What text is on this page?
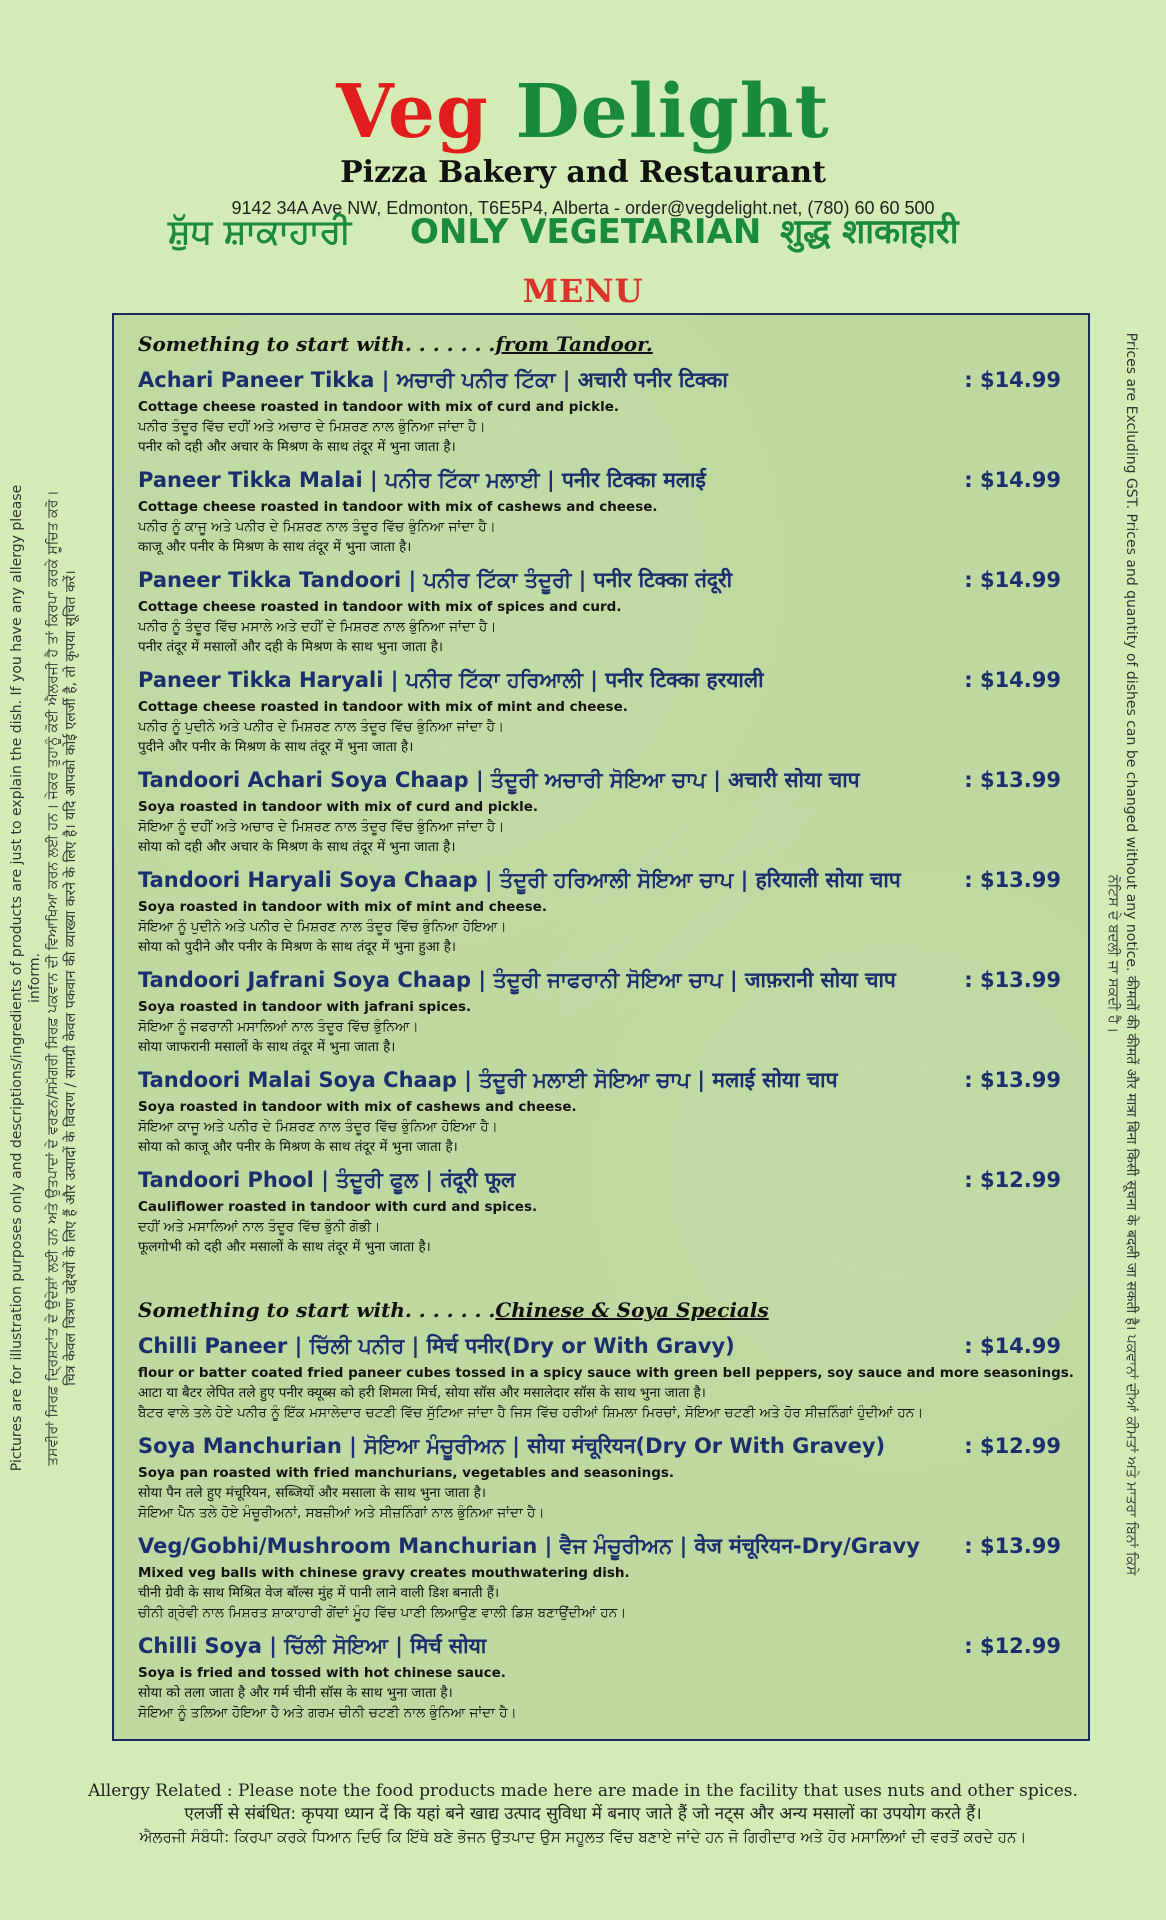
Veg Delight
Pizza Bakery and Restaurant
9142 34A Ave NW, Edmonton, T6E5P4, Alberta - order@vegdelight.net, (780) 60 60 500
ਸ਼ੁੱਧ ਸ਼ਾਕਾਹਾਰੀ ONLY VEGETARIAN शुद्ध शाकाहारी
MENU
Pictures are for illustration purposes only and descriptions/ingredients of products are just to explain the dish. If you have any allergy please inform. ਤਸਵੀਰਾਂ ਸਿਰਫ਼ ਦ੍ਰਿਸ਼ਟਾਂਤ ਦੇ ਉਦੇਸ਼ਾਂ ਲਈ ਹਨ ਅਤੇ ਉਤਪਾਦਾਂ ਦੇ ਵਰਣਨ/ਸਮੱਗਰੀ ਸਿਰਫ਼ ਪਕਵਾਨ ਦੀ ਵਿਆਖਿਆ ਕਰਨ ਲਈ ਹਨ। ਜੇਕਰ ਤੁਹਾਨੂੰ ਕੋਈ ਐਲਰਜੀ ਹੈ ਤਾਂ ਕਿਰਪਾ ਕਰਕੇ ਸੂਚਿਤ ਕਰੋ। चित्र केवल चित्रण उद्देश्यों के लिए हैं और उत्पादों के विवरण / सामग्री केवल पकवान की व्याख्या करने के लिए है। यदि आपको कोई एलर्जी है, तो कृपया सूचित करें।	Prices are Excluding GST. Prices and quantity of dishes can be changed without any notice. कीमतों की कीमतें और मात्रा बिना किसी सूचना के बदली जा सकती है। ਪਕਵਾਨਾਂ ਦੀਆਂ ਕੀਮਤਾਂ ਅਤੇ ਮਾਤਰਾ ਬਿਨਾਂ ਕਿਸੇ
ਨੋਟਿਸ ਦੇ ਬਦਲੀ ਜਾ ਸਕਦੀ ਹੈ।
Something to start with. . . . . . .from Tandoor.
Achari Paneer Tikka | ਅਚਾਰੀ ਪਨੀਰ ਟਿੱਕਾ | अचारी पनीर टिक्का	: $14.99
Cottage cheese roasted in tandoor with mix of curd and pickle.
ਪਨੀਰ ਤੰਦੂਰ ਵਿੱਚ ਦਹੀਂ ਅਤੇ ਅਚਾਰ ਦੇ ਮਿਸ਼ਰਣ ਨਾਲ ਭੁੰਨਿਆ ਜਾਂਦਾ ਹੈ।
पनीर को दही और अचार के मिश्रण के साथ तंदूर में भुना जाता है।
Paneer Tikka Malai | ਪਨੀਰ ਟਿੱਕਾ ਮਲਾਈ | पनीर टिक्का मलाई	: $14.99
Cottage cheese roasted in tandoor with mix of cashews and cheese.
ਪਨੀਰ ਨੂੰ ਕਾਜੂ ਅਤੇ ਪਨੀਰ ਦੇ ਮਿਸ਼ਰਣ ਨਾਲ ਤੰਦੂਰ ਵਿੱਚ ਭੁੰਨਿਆ ਜਾਂਦਾ ਹੈ।
काजू और पनीर के मिश्रण के साथ तंदूर में भुना जाता है।
Paneer Tikka Tandoori | ਪਨੀਰ ਟਿੱਕਾ ਤੰਦੂਰੀ | पनीर टिक्का तंदूरी	: $14.99
Cottage cheese roasted in tandoor with mix of spices and curd.
ਪਨੀਰ ਨੂੰ ਤੰਦੂਰ ਵਿੱਚ ਮਸਾਲੇ ਅਤੇ ਦਹੀਂ ਦੇ ਮਿਸ਼ਰਣ ਨਾਲ ਭੁੰਨਿਆ ਜਾਂਦਾ ਹੈ।
पनीर तंदूर में मसालों और दही के मिश्रण के साथ भुना जाता है।
Paneer Tikka Haryali | ਪਨੀਰ ਟਿੱਕਾ ਹਰਿਆਲੀ | पनीर टिक्का हरयाली	: $14.99
Cottage cheese roasted in tandoor with mix of mint and cheese.
ਪਨੀਰ ਨੂੰ ਪੁਦੀਨੇ ਅਤੇ ਪਨੀਰ ਦੇ ਮਿਸ਼ਰਣ ਨਾਲ ਤੰਦੂਰ ਵਿੱਚ ਭੁੰਨਿਆ ਜਾਂਦਾ ਹੈ।
पुदीने और पनीर के मिश्रण के साथ तंदूर में भुना जाता है।
Tandoori Achari Soya Chaap | ਤੰਦੂਰੀ ਅਚਾਰੀ ਸੋਇਆ ਚਾਪ | अचारी सोया चाप	: $13.99
Soya roasted in tandoor with mix of curd and pickle.
ਸੋਇਆ ਨੂੰ ਦਹੀਂ ਅਤੇ ਅਚਾਰ ਦੇ ਮਿਸ਼ਰਣ ਨਾਲ ਤੰਦੂਰ ਵਿੱਚ ਭੁੰਨਿਆ ਜਾਂਦਾ ਹੈ।
सोया को दही और अचार के मिश्रण के साथ तंदूर में भुना जाता है।
Tandoori Haryali Soya Chaap | ਤੰਦੂਰੀ ਹਰਿਆਲੀ ਸੋਇਆ ਚਾਪ | हरियाली सोया चाप	: $13.99
Soya roasted in tandoor with mix of mint and cheese.
ਸੋਇਆ ਨੂੰ ਪੁਦੀਨੇ ਅਤੇ ਪਨੀਰ ਦੇ ਮਿਸ਼ਰਣ ਨਾਲ ਤੰਦੂਰ ਵਿੱਚ ਭੁੰਨਿਆ ਹੋਇਆ।
सोया को पुदीने और पनीर के मिश्रण के साथ तंदूर में भुना हुआ है।
Tandoori Jafrani Soya Chaap | ਤੰਦੂਰੀ ਜਾਫਰਾਨੀ ਸੋਇਆ ਚਾਪ | जाफ़रानी सोया चाप	: $13.99
Soya roasted in tandoor with jafrani spices.
ਸੋਇਆ ਨੂੰ ਜਫਰਾਨੀ ਮਸਾਲਿਆਂ ਨਾਲ ਤੰਦੂਰ ਵਿੱਚ ਭੁੰਨਿਆ।
सोया जाफरानी मसालों के साथ तंदूर में भुना जाता है।
Tandoori Malai Soya Chaap | ਤੰਦੂਰੀ ਮਲਾਈ ਸੋਇਆ ਚਾਪ | मलाई सोया चाप	: $13.99
Soya roasted in tandoor with mix of cashews and cheese.
ਸੋਇਆ ਕਾਜੂ ਅਤੇ ਪਨੀਰ ਦੇ ਮਿਸ਼ਰਣ ਨਾਲ ਤੰਦੂਰ ਵਿੱਚ ਭੁੰਨਿਆ ਹੋਇਆ ਹੈ।
सोया को काजू और पनीर के मिश्रण के साथ तंदूर में भुना जाता है।
Tandoori Phool | ਤੰਦੂਰੀ ਫੂਲ | तंदूरी फूल	: $12.99
Cauliflower roasted in tandoor with curd and spices.
ਦਹੀਂ ਅਤੇ ਮਸਾਲਿਆਂ ਨਾਲ ਤੰਦੂਰ ਵਿੱਚ ਭੁੰਨੀ ਗੋਭੀ।
फूलगोभी को दही और मसालों के साथ तंदूर में भुना जाता है।
Something to start with. . . . . . .Chinese & Soya Specials
Chilli Paneer | ਚਿੱਲੀ ਪਨੀਰ | मिर्च पनीर(Dry or With Gravy)	: $14.99
flour or batter coated fried paneer cubes tossed in a spicy sauce with green bell peppers, soy sauce and more seasonings.
आटा या बैटर लेपित तले हुए पनीर क्यूब्स को हरी शिमला मिर्च, सोया सॉस और मसालेदार सॉस के साथ भुना जाता है।
ਬੈਟਰ ਵਾਲੇ ਤਲੇ ਹੋਏ ਪਨੀਰ ਨੂੰ ਇੱਕ ਮਸਾਲੇਦਾਰ ਚਟਣੀ ਵਿੱਚ ਸੁੱਟਿਆ ਜਾਂਦਾ ਹੈ ਜਿਸ ਵਿੱਚ ਹਰੀਆਂ ਸ਼ਿਮਲਾ ਮਿਰਚਾਂ, ਸੋਇਆ ਚਟਣੀ ਅਤੇ ਹੋਰ ਸੀਜ਼ਨਿੰਗਾਂ ਹੁੰਦੀਆਂ ਹਨ।
Soya Manchurian | ਸੋਇਆ ਮੰਚੂਰੀਅਨ | सोया मंचूरियन(Dry Or With Gravey)	: $12.99
Soya pan roasted with fried manchurians, vegetables and seasonings.
सोया पैन तले हुए मंचूरियन, सब्जियों और मसाला के साथ भुना जाता है।
ਸੋਇਆ ਪੈਨ ਤਲੇ ਹੋਏ ਮੰਚੂਰੀਅਨਾਂ, ਸਬਜ਼ੀਆਂ ਅਤੇ ਸੀਜ਼ਨਿੰਗਾਂ ਨਾਲ ਭੁੰਨਿਆ ਜਾਂਦਾ ਹੈ।
Veg/Gobhi/Mushroom Manchurian | ਵੈਜ ਮੰਚੂਰੀਅਨ | वेज मंचूरियन-Dry/Gravy	: $13.99
Mixed veg balls with chinese gravy creates mouthwatering dish.
चीनी ग्रेवी के साथ मिश्रित वेज बॉल्स मुंह में पानी लाने वाली डिश बनाती हैं।
ਚੀਨੀ ਗ੍ਰੇਵੀ ਨਾਲ ਮਿਸ਼ਰਤ ਸ਼ਾਕਾਹਾਰੀ ਗੇਂਦਾਂ ਮੂੰਹ ਵਿੱਚ ਪਾਣੀ ਲਿਆਉਣ ਵਾਲੀ ਡਿਸ਼ ਬਣਾਉਂਦੀਆਂ ਹਨ।
Chilli Soya | ਚਿੱਲੀ ਸੋਇਆ | मिर्च सोया	: $12.99
Soya is fried and tossed with hot chinese sauce.
सोया को तला जाता है और गर्म चीनी सॉस के साथ भुना जाता है।
ਸੋਇਆ ਨੂੰ ਤਲਿਆ ਹੋਇਆ ਹੈ ਅਤੇ ਗਰਮ ਚੀਨੀ ਚਟਣੀ ਨਾਲ ਭੁੰਨਿਆ ਜਾਂਦਾ ਹੈ।
Allergy Related : Please note the food products made here are made in the facility that uses nuts and other spices.
एलर्जी से संबंधित: कृपया ध्यान दें कि यहां बने खाद्य उत्पाद सुविधा में बनाए जाते हैं जो नट्स और अन्य मसालों का उपयोग करते हैं।
ਐਲਰਜੀ ਸੰਬੰਧੀ: ਕਿਰਪਾ ਕਰਕੇ ਧਿਆਨ ਦਿਓ ਕਿ ਇੱਥੇ ਬਣੇ ਭੋਜਨ ਉਤਪਾਦ ਉਸ ਸਹੂਲਤ ਵਿੱਚ ਬਣਾਏ ਜਾਂਦੇ ਹਨ ਜੋ ਗਿਰੀਦਾਰ ਅਤੇ ਹੋਰ ਮਸਾਲਿਆਂ ਦੀ ਵਰਤੋਂ ਕਰਦੇ ਹਨ।
